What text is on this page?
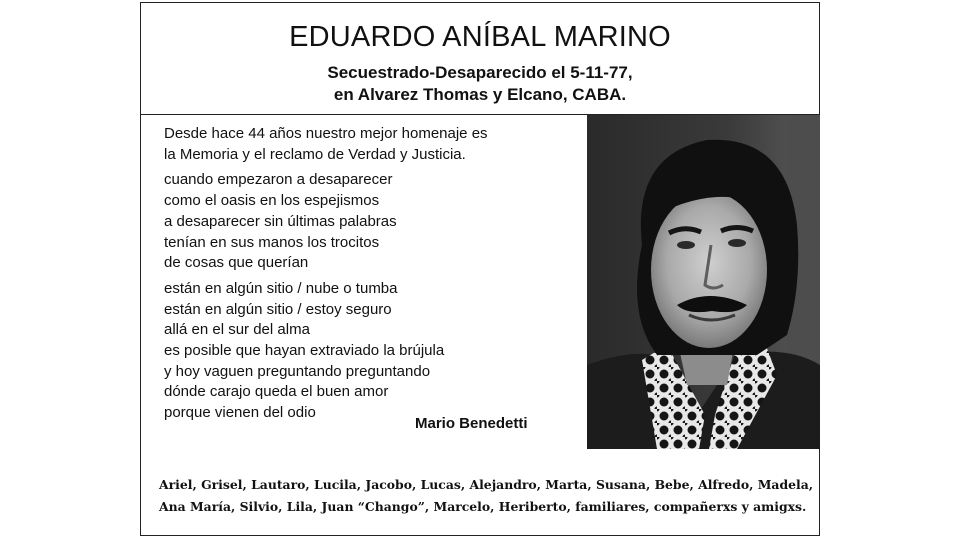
EDUARDO ANÍBAL MARINO
Secuestrado-Desaparecido el 5-11-77,
en Alvarez Thomas y Elcano, CABA.
Desde hace 44 años nuestro mejor homenaje es
la Memoria y el reclamo de Verdad y Justicia.
cuando empezaron a desaparecer
como el oasis en los espejismos
a desaparecer sin últimas palabras
tenían en sus manos los trocitos
de cosas que querían
están en algún sitio / nube o tumba
están en algún sitio / estoy seguro
allá en el sur del alma
es posible que hayan extraviado la brújula
y hoy vaguen preguntando preguntando
dónde carajo queda el buen amor
porque vienen del odio
Mario Benedetti
Ariel, Grisel, Lautaro, Lucila, Jacobo, Lucas, Alejandro, Marta, Susana, Bebe, Alfredo, Madela,
Ana María, Silvio, Lila, Juan “Chango”, Marcelo, Heriberto, familiares, compañerxs y amigxs.
